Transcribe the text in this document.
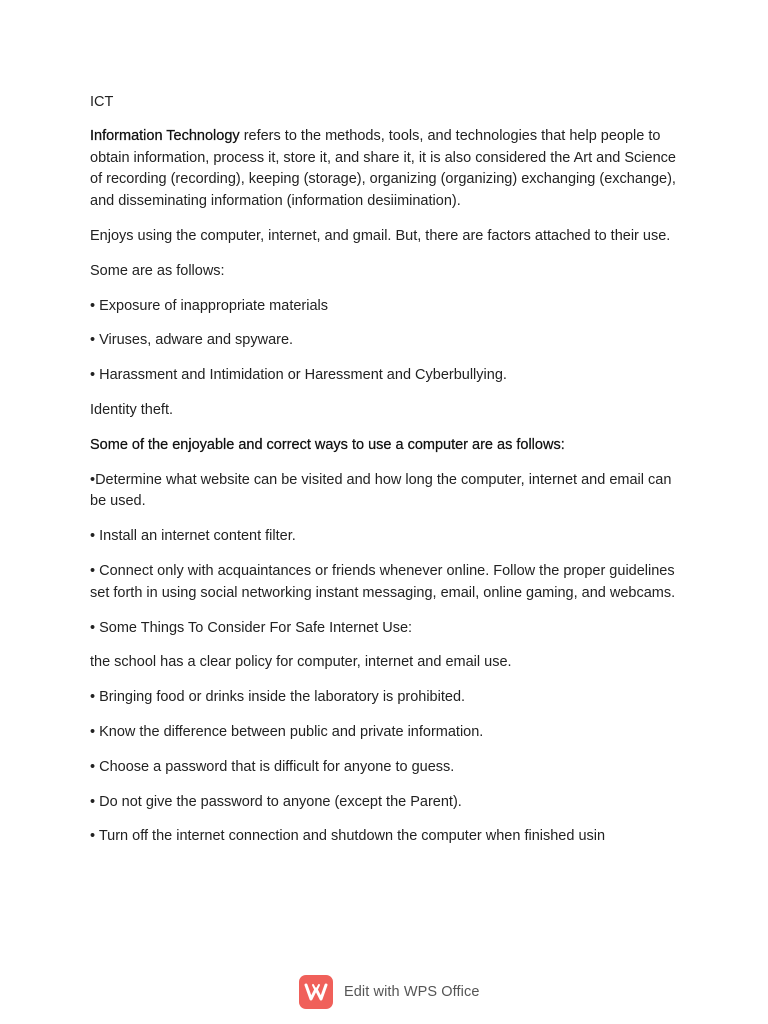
ICT

Information Technology refers to the methods, tools, and technologies that help people to obtain information, process it, store it, and share it, it is also considered the Art and Science of recording (recording), keeping (storage), organizing (organizing) exchanging (exchange), and disseminating information (information desiimination).

Enjoys using the computer, internet, and gmail. But, there are factors attached to their use.

Some are as follows:

• Exposure of inappropriate materials

• Viruses, adware and spyware.

• Harassment and Intimidation or Haressment and Cyberbullying.

Identity theft.

Some of the enjoyable and correct ways to use a computer are as follows:

•Determine what website can be visited and how long the computer, internet and email can be used.

• Install an internet content filter.

• Connect only with acquaintances or friends whenever online. Follow the proper guidelines set forth in using social networking instant messaging, email, online gaming, and webcams.

• Some Things To Consider For Safe Internet Use:

the school has a clear policy for computer, internet and email use.

• Bringing food or drinks inside the laboratory is prohibited.

• Know the difference between public and private information.

• Choose a password that is difficult for anyone to guess.

• Do not give the password to anyone (except the Parent).

• Turn off the internet connection and shutdown the computer when finished usin

Edit with WPS Office
